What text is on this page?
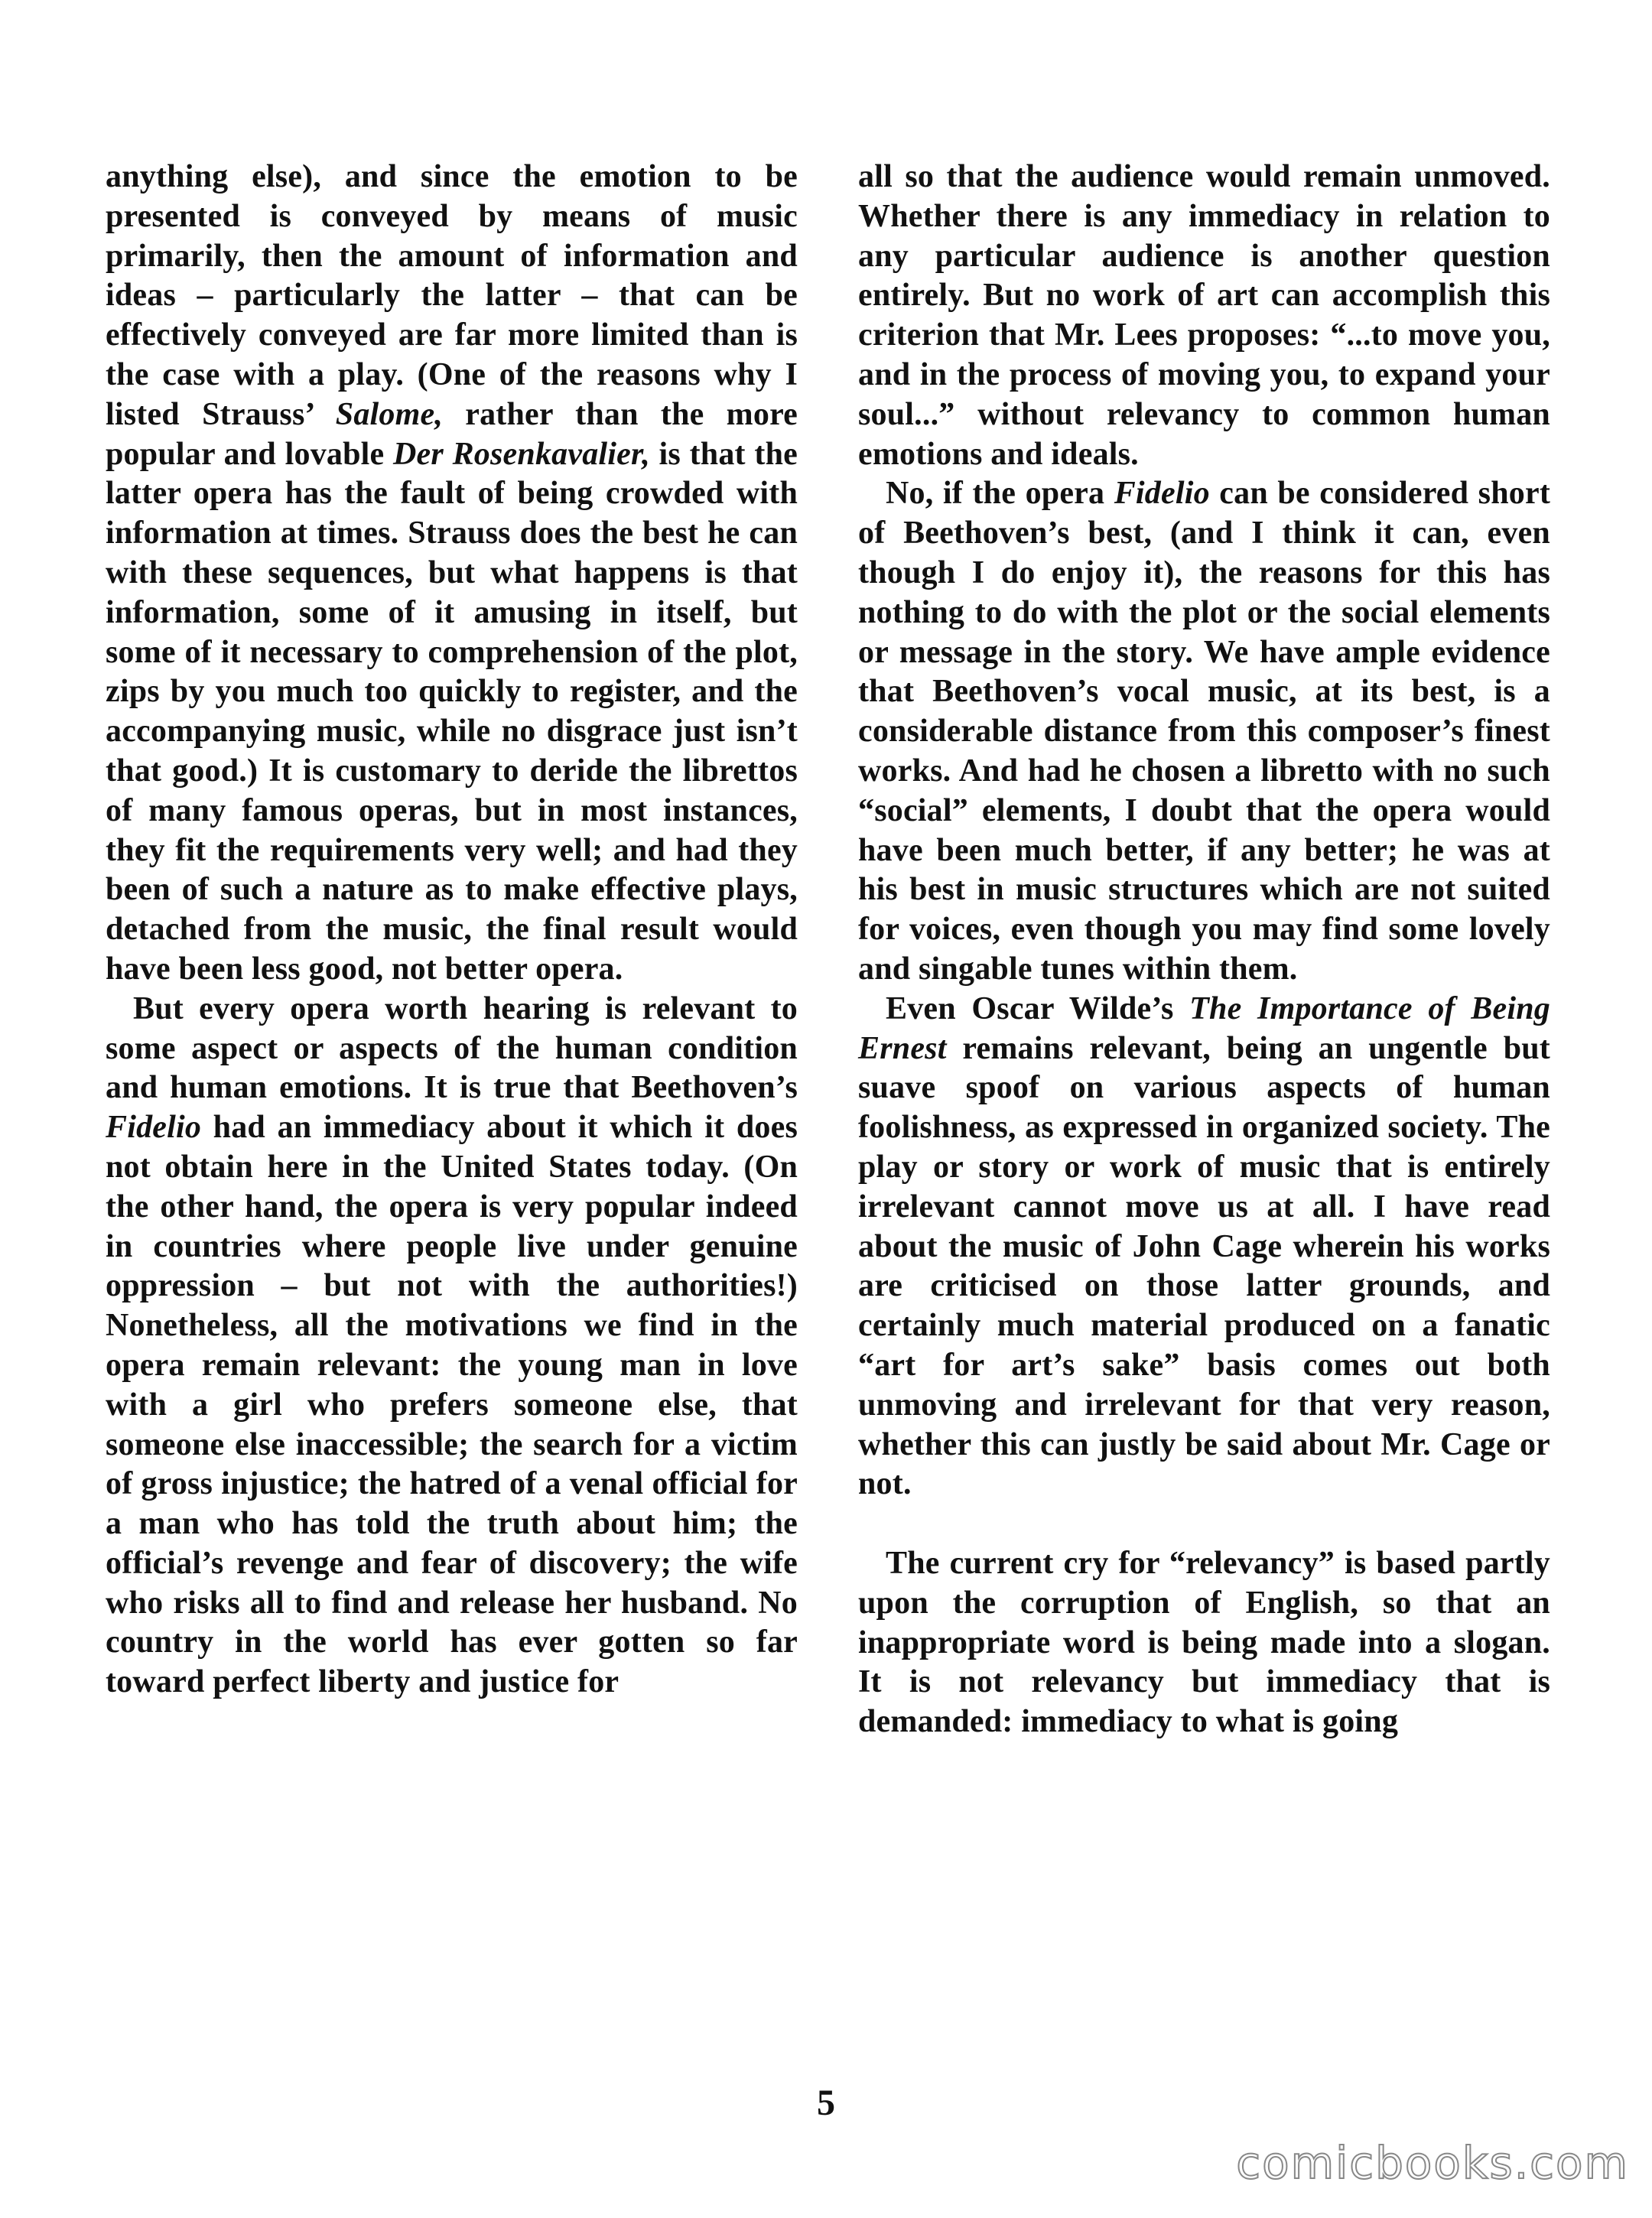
anything else), and since the emotion to be presented is conveyed by means of music primarily, then the amount of information and ideas – particularly the latter – that can be effectively conveyed are far more limited than is the case with a play. (One of the reasons why I listed Strauss’ Salome, rather than the more popular and lovable Der Rosenkavalier, is that the latter opera has the fault of being crowded with information at times. Strauss does the best he can with these sequences, but what happens is that information, some of it amusing in itself, but some of it necessary to comprehension of the plot, zips by you much too quickly to register, and the accompanying music, while no disgrace just isn’t that good.) It is customary to deride the librettos of many famous operas, but in most instances, they fit the requirements very well; and had they been of such a nature as to make effective plays, detached from the music, the final result would have been less good, not better opera.

But every opera worth hearing is relevant to some aspect or aspects of the human condition and human emotions. It is true that Beethoven’s Fidelio had an immediacy about it which it does not obtain here in the United States today. (On the other hand, the opera is very popular indeed in countries where people live under genuine oppression – but not with the authorities!) Nonetheless, all the motivations we find in the opera remain relevant: the young man in love with a girl who prefers someone else, that someone else inaccessible; the search for a victim of gross injustice; the hatred of a venal official for a man who has told the truth about him; the official’s revenge and fear of discovery; the wife who risks all to find and release her husband. No country in the world has ever gotten so far toward perfect liberty and justice for

all so that the audience would remain unmoved. Whether there is any immediacy in relation to any particular audience is another question entirely. But no work of art can accomplish this criterion that Mr. Lees proposes: “...to move you, and in the process of moving you, to expand your soul...” without relevancy to common human emotions and ideals.

No, if the opera Fidelio can be considered short of Beethoven’s best, (and I think it can, even though I do enjoy it), the reasons for this has nothing to do with the plot or the social elements or message in the story. We have ample evidence that Beethoven’s vocal music, at its best, is a considerable distance from this composer’s finest works. And had he chosen a libretto with no such “social” elements, I doubt that the opera would have been much better, if any better; he was at his best in music structures which are not suited for voices, even though you may find some lovely and singable tunes within them.

Even Oscar Wilde’s The Importance of Being Ernest remains relevant, being an ungentle but suave spoof on various aspects of human foolishness, as expressed in organized society. The play or story or work of music that is entirely irrelevant cannot move us at all. I have read about the music of John Cage wherein his works are criticised on those latter grounds, and certainly much material produced on a fanatic “art for art’s sake” basis comes out both unmoving and irrelevant for that very reason, whether this can justly be said about Mr. Cage or not.

The current cry for “relevancy” is based partly upon the corruption of English, so that an inappropriate word is being made into a slogan. It is not relevancy but immediacy that is demanded: immediacy to what is going

5
comicbooks.com
